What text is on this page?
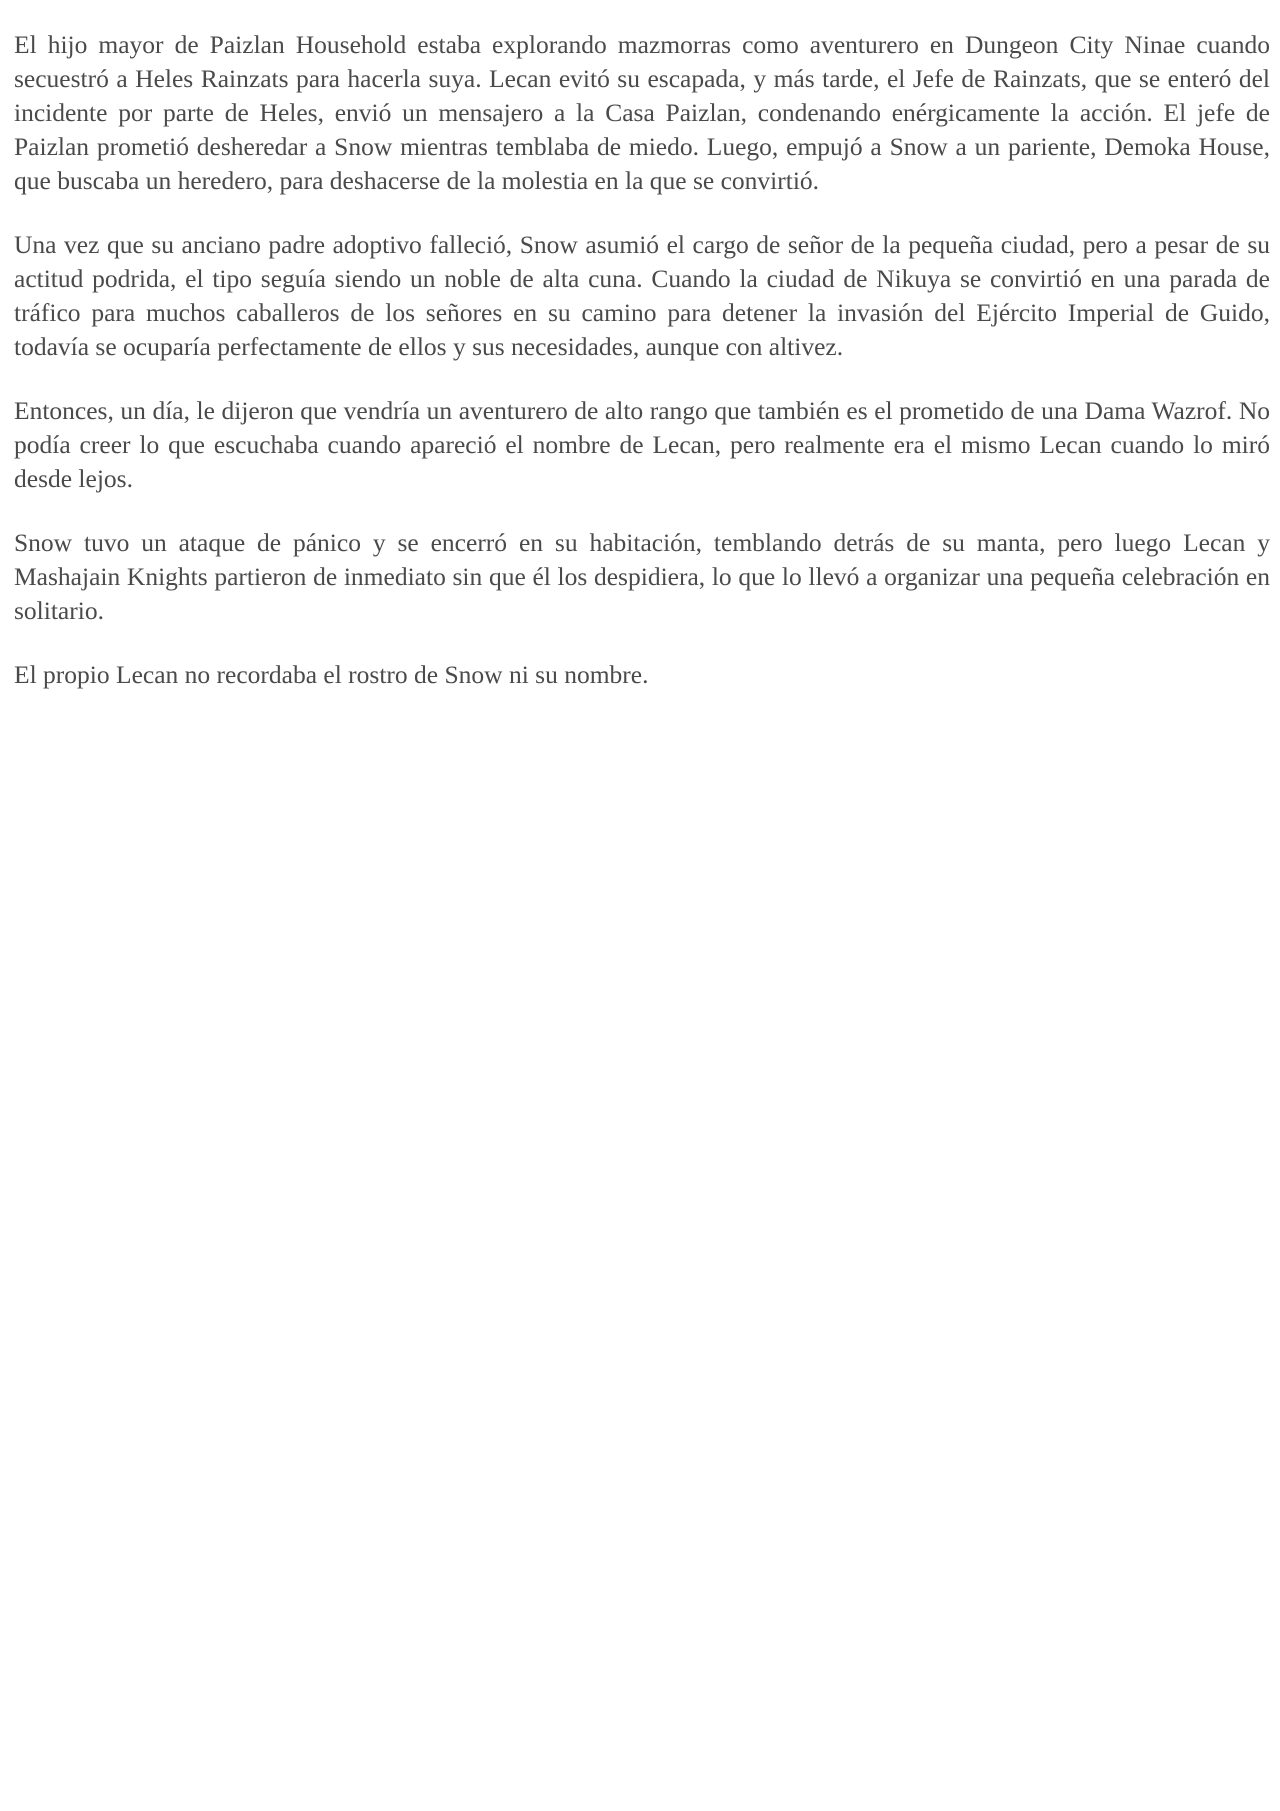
El hijo mayor de Paizlan Household estaba explorando mazmorras como aventurero en Dungeon City Ninae cuando secuestró a Heles Rainzats para hacerla suya. Lecan evitó su escapada, y más tarde, el Jefe de Rainzats, que se enteró del incidente por parte de Heles, envió un mensajero a la Casa Paizlan, condenando enérgicamente la acción. El jefe de Paizlan prometió desheredar a Snow mientras temblaba de miedo. Luego, empujó a Snow a un pariente, Demoka House, que buscaba un heredero, para deshacerse de la molestia en la que se convirtió.

Una vez que su anciano padre adoptivo falleció, Snow asumió el cargo de señor de la pequeña ciudad, pero a pesar de su actitud podrida, el tipo seguía siendo un noble de alta cuna. Cuando la ciudad de Nikuya se convirtió en una parada de tráfico para muchos caballeros de los señores en su camino para detener la invasión del Ejército Imperial de Guido, todavía se ocuparía perfectamente de ellos y sus necesidades, aunque con altivez.

Entonces, un día, le dijeron que vendría un aventurero de alto rango que también es el prometido de una Dama Wazrof. No podía creer lo que escuchaba cuando apareció el nombre de Lecan, pero realmente era el mismo Lecan cuando lo miró desde lejos.

Snow tuvo un ataque de pánico y se encerró en su habitación, temblando detrás de su manta, pero luego Lecan y Mashajain Knights partieron de inmediato sin que él los despidiera, lo que lo llevó a organizar una pequeña celebración en solitario.

El propio Lecan no recordaba el rostro de Snow ni su nombre.
